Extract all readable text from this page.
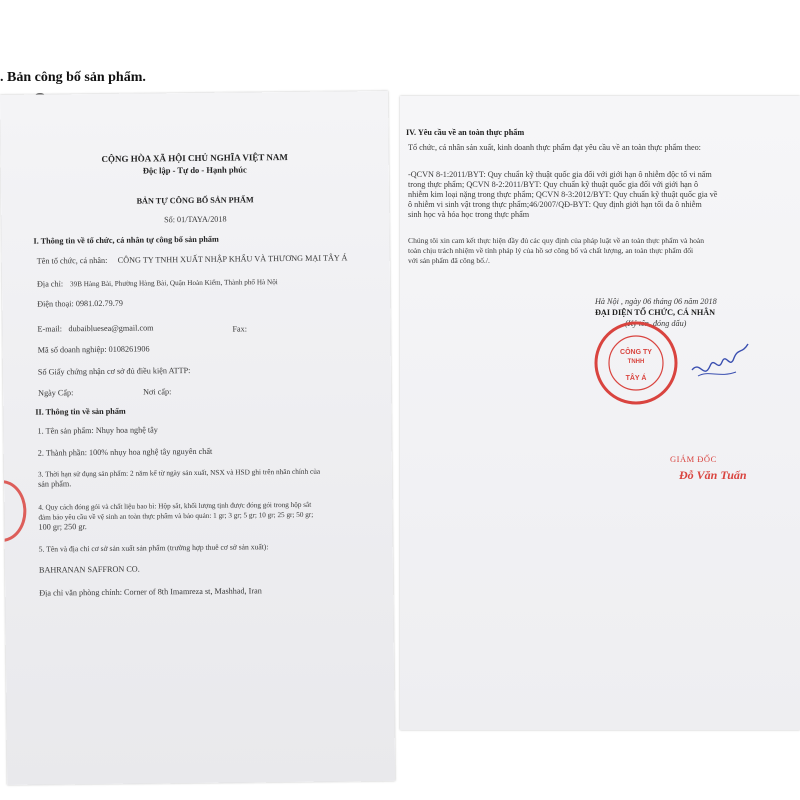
. Bản công bố sản phẩm.
CỘNG HÒA XÃ HỘI CHỦ NGHĨA VIỆT NAM
Độc lập - Tự do - Hạnh phúc
BẢN TỰ CÔNG BỐ SẢN PHẨM
Số: 01/TAYA/2018
I. Thông tin về tổ chức, cá nhân tự công bố sản phẩm
Tên tổ chức, cá nhân: CÔNG TY TNHH XUẤT NHẬP KHẨU VÀ THƯƠNG MẠI TÂY Á
Địa chỉ: 39B Hàng Bài, Phường Hàng Bài, Quận Hoàn Kiếm, Thành phố Hà Nội
Điện thoại: 0981.02.79.79
E-mail: dubaiblueseа@gmail.com	Fax:
Mã số doanh nghiệp: 0108261906
Số Giấy chứng nhận cơ sở đủ điều kiện ATTP:
Ngày Cấp:	Nơi cấp:
II. Thông tin về sản phẩm
1. Tên sản phẩm: Nhụy hoa nghệ tây
2. Thành phần: 100% nhụy hoa nghệ tây nguyên chất
3. Thời hạn sử dụng sản phẩm: 2 năm kể từ ngày sản xuất, NSX và HSD ghi trên nhãn chính của
sản phẩm.
4. Quy cách đóng gói và chất liệu bao bì: Hộp sắt, khối lượng tịnh được đóng gói trong hộp sắt
đảm bảo yêu cầu về vệ sinh an toàn thực phẩm và bảo quản: 1 gr; 3 gr; 5 gr; 10 gr; 25 gr; 50 gr;
100 gr; 250 gr.
5. Tên và địa chỉ cơ sở sản xuất sản phẩm (trường hợp thuê cơ sở sản xuất):
BAHRANAN SAFFRON CO.
Địa chỉ văn phòng chính: Corner of 8th Imamreza st, Mashhad, Iran
IV. Yêu cầu về an toàn thực phẩm
Tổ chức, cá nhân sản xuất, kinh doanh thực phẩm đạt yêu cầu về an toàn thực phẩm theo:
-QCVN 8-1:2011/BYT: Quy chuẩn kỹ thuật quốc gia đối với giới hạn ô nhiễm độc tố vi nấm
trong thực phẩm; QCVN 8-2:2011/BYT: Quy chuẩn kỹ thuật quốc gia đối với giới hạn ô
nhiễm kim loại nặng trong thực phẩm; QCVN 8-3:2012/BYT: Quy chuẩn kỹ thuật quốc gia về
ô nhiễm vi sinh vật trong thực phẩm;46/2007/QĐ-BYT: Quy định giới hạn tối đa ô nhiễm
sinh học và hóa học trong thực phẩm
Chúng tôi xin cam kết thực hiện đầy đủ các quy định của pháp luật về an toàn thực phẩm và hoàn
toàn chịu trách nhiệm về tính pháp lý của hồ sơ công bố và chất lượng, an toàn thực phẩm đối
với sản phẩm đã công bố./.
Hà Nội , ngày 06 tháng 06 năm 2018
ĐẠI DIỆN TỔ CHỨC, CÁ NHÂN
(Ký tên, đóng dấu)
GIÁM ĐỐC
Đỗ Văn Tuấn
CÔNG TY
TNHH
TÂY Á
